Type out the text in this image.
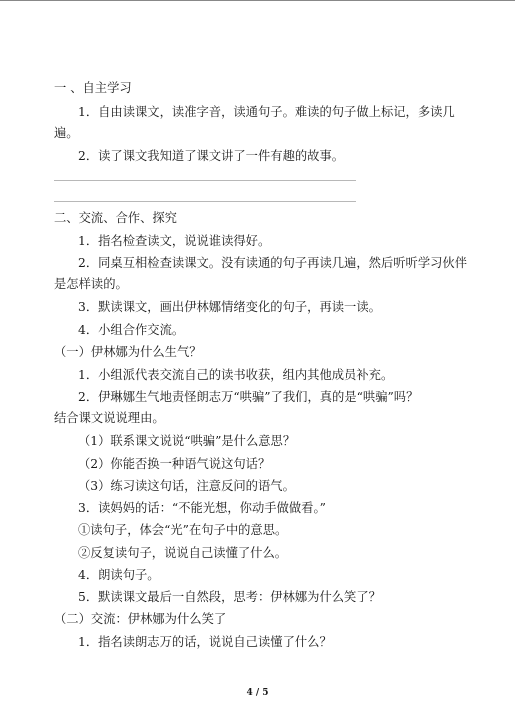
一 、自主学习
1．自由读课文，读准字音，读通句子。难读的句子做上标记，多读几
遍。
2．读了课文我知道了课文讲了一件有趣的故事。
二、交流、合作、探究
1．指名检查读文，说说谁读得好。
2．同桌互相检查读课文。没有读通的句子再读几遍，然后听听学习伙伴
是怎样读的。
3．默读课文，画出伊林娜情绪变化的句子，再读一读。
4．小组合作交流。
（一）伊林娜为什么生气？
1．小组派代表交流自己的读书收获，组内其他成员补充。
2．伊琳娜生气地责怪朗志万“哄骗”了我们，真的是“哄骗”吗？
结合课文说说理由。
（1）联系课文说说“哄骗”是什么意思？
（2）你能否换一种语气说这句话？
（3）练习读这句话，注意反问的语气。
3．读妈妈的话：“不能光想，你动手做做看。”
①读句子，体会“光”在句子中的意思。
②反复读句子，说说自己读懂了什么。
4．朗读句子。
5．默读课文最后一自然段，思考：伊林娜为什么笑了？
（二）交流：伊林娜为什么笑了
1．指名读朗志万的话，说说自己读懂了什么？
4 / 5
